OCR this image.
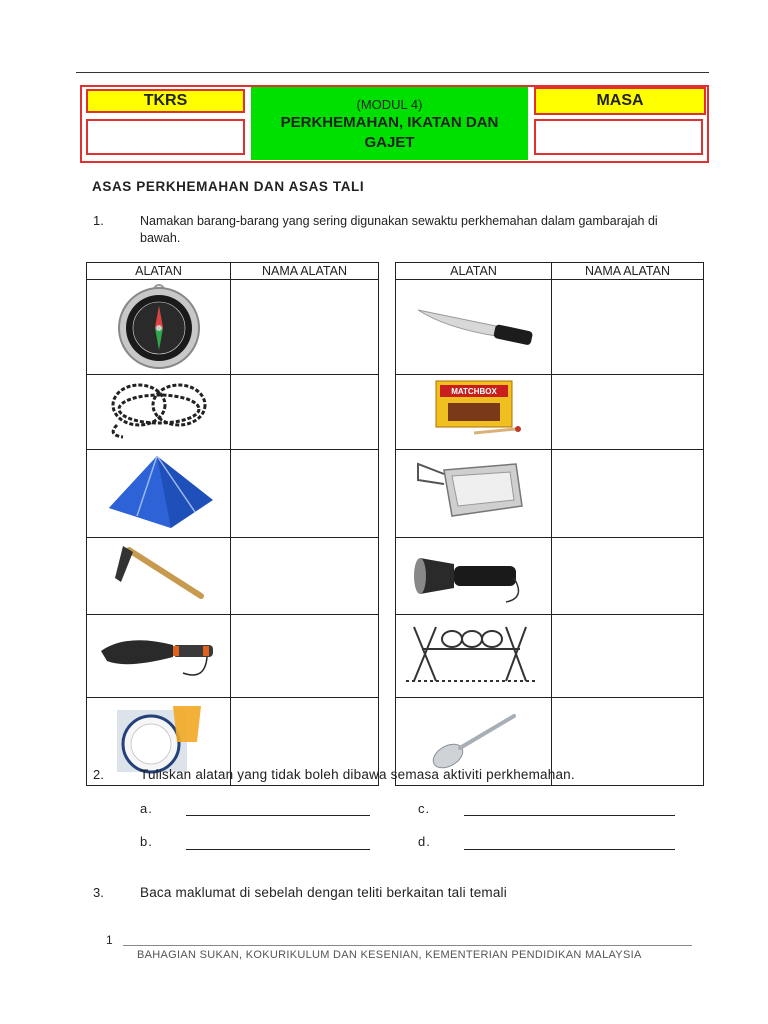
TKRS	(MODUL 4)
PERKHEMAHAN, IKATAN DAN
GAJET
MASA
ASAS PERKHEMAHAN DAN ASAS TALI
1.	Namakan barang-barang yang sering digunakan sewaktu perkhemahan dalam gambarajah di bawah.
ALATAN	NAMA ALATAN

		ALATAN	NAMA ALATAN

MATCHBOX	

2.	Tuliskan alatan yang tidak boleh dibawa semasa aktiviti perkhemahan.
a.	c.
b.	d.
3.	Baca maklumat di sebelah dengan teliti berkaitan tali temali
1
BAHAGIAN SUKAN, KOKURIKULUM DAN KESENIAN, KEMENTERIAN PENDIDIKAN MALAYSIA
